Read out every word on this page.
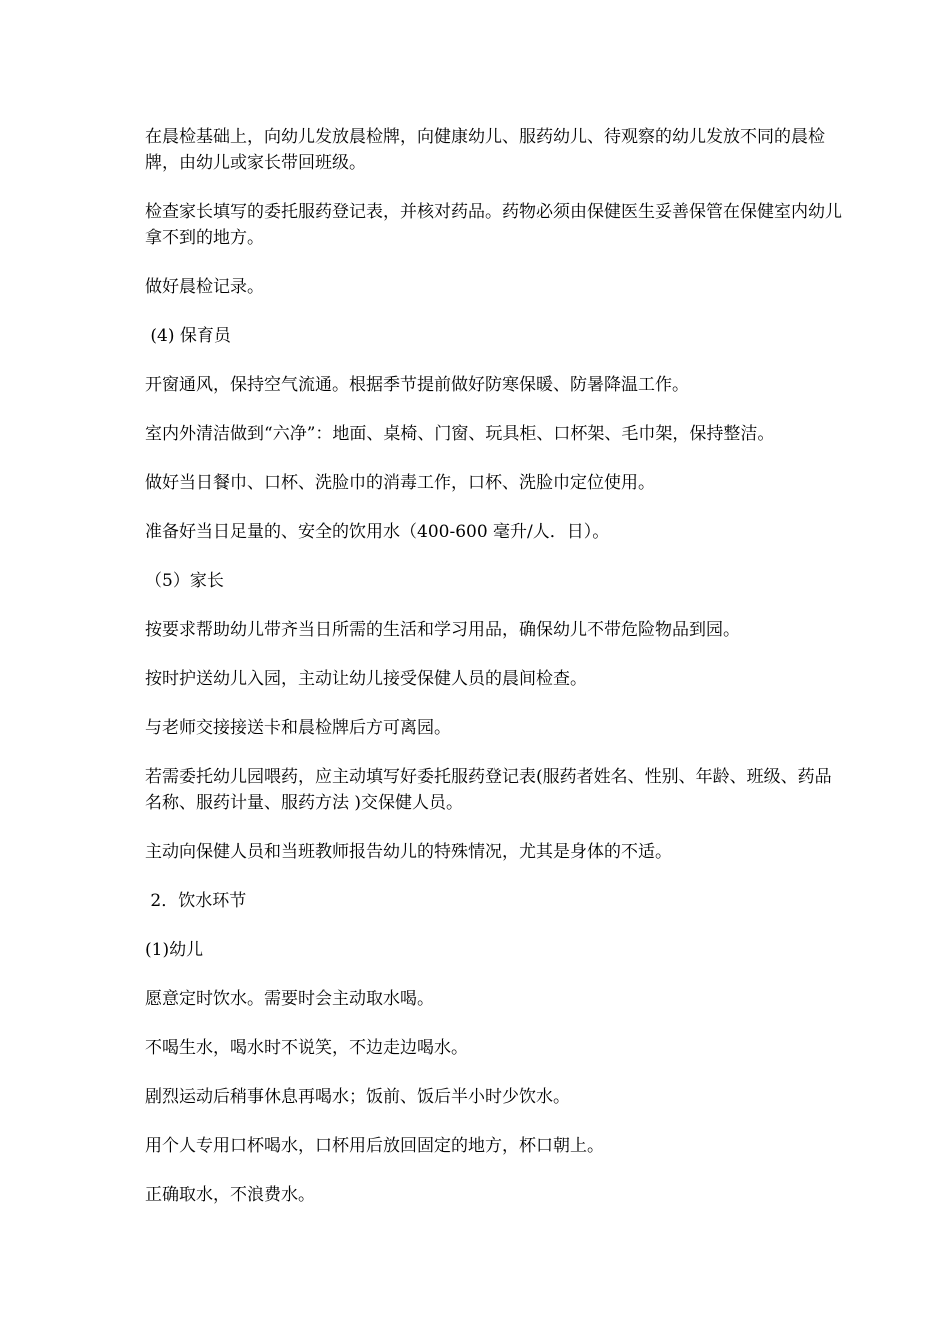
在晨检基础上，向幼儿发放晨检牌，向健康幼儿、服药幼儿、待观察的幼儿发放不同的晨检牌，由幼儿或家长带回班级。

检查家长填写的委托服药登记表，并核对药品。药物必须由保健医生妥善保管在保健室内幼儿拿不到的地方。

做好晨检记录。

(4) 保育员

开窗通风，保持空气流通。根据季节提前做好防寒保暖、防暑降温工作。

室内外清洁做到“六净”：地面、桌椅、门窗、玩具柜、口杯架、毛巾架，保持整洁。

做好当日餐巾、口杯、洗脸巾的消毒工作，口杯、洗脸巾定位使用。

准备好当日足量的、安全的饮用水（400-600 毫升/人．日）。

（5）家长

按要求帮助幼儿带齐当日所需的生活和学习用品，确保幼儿不带危险物品到园。

按时护送幼儿入园，主动让幼儿接受保健人员的晨间检查。

与老师交接接送卡和晨检牌后方可离园。

若需委托幼儿园喂药，应主动填写好委托服药登记表(服药者姓名、性别、年龄、班级、药品名称、服药计量、服药方法 )交保健人员。

主动向保健人员和当班教师报告幼儿的特殊情况，尤其是身体的不适。

2．饮水环节

(1)幼儿

愿意定时饮水。需要时会主动取水喝。

不喝生水，喝水时不说笑，不边走边喝水。

剧烈运动后稍事休息再喝水；饭前、饭后半小时少饮水。

用个人专用口杯喝水，口杯用后放回固定的地方，杯口朝上。

正确取水，不浪费水。
